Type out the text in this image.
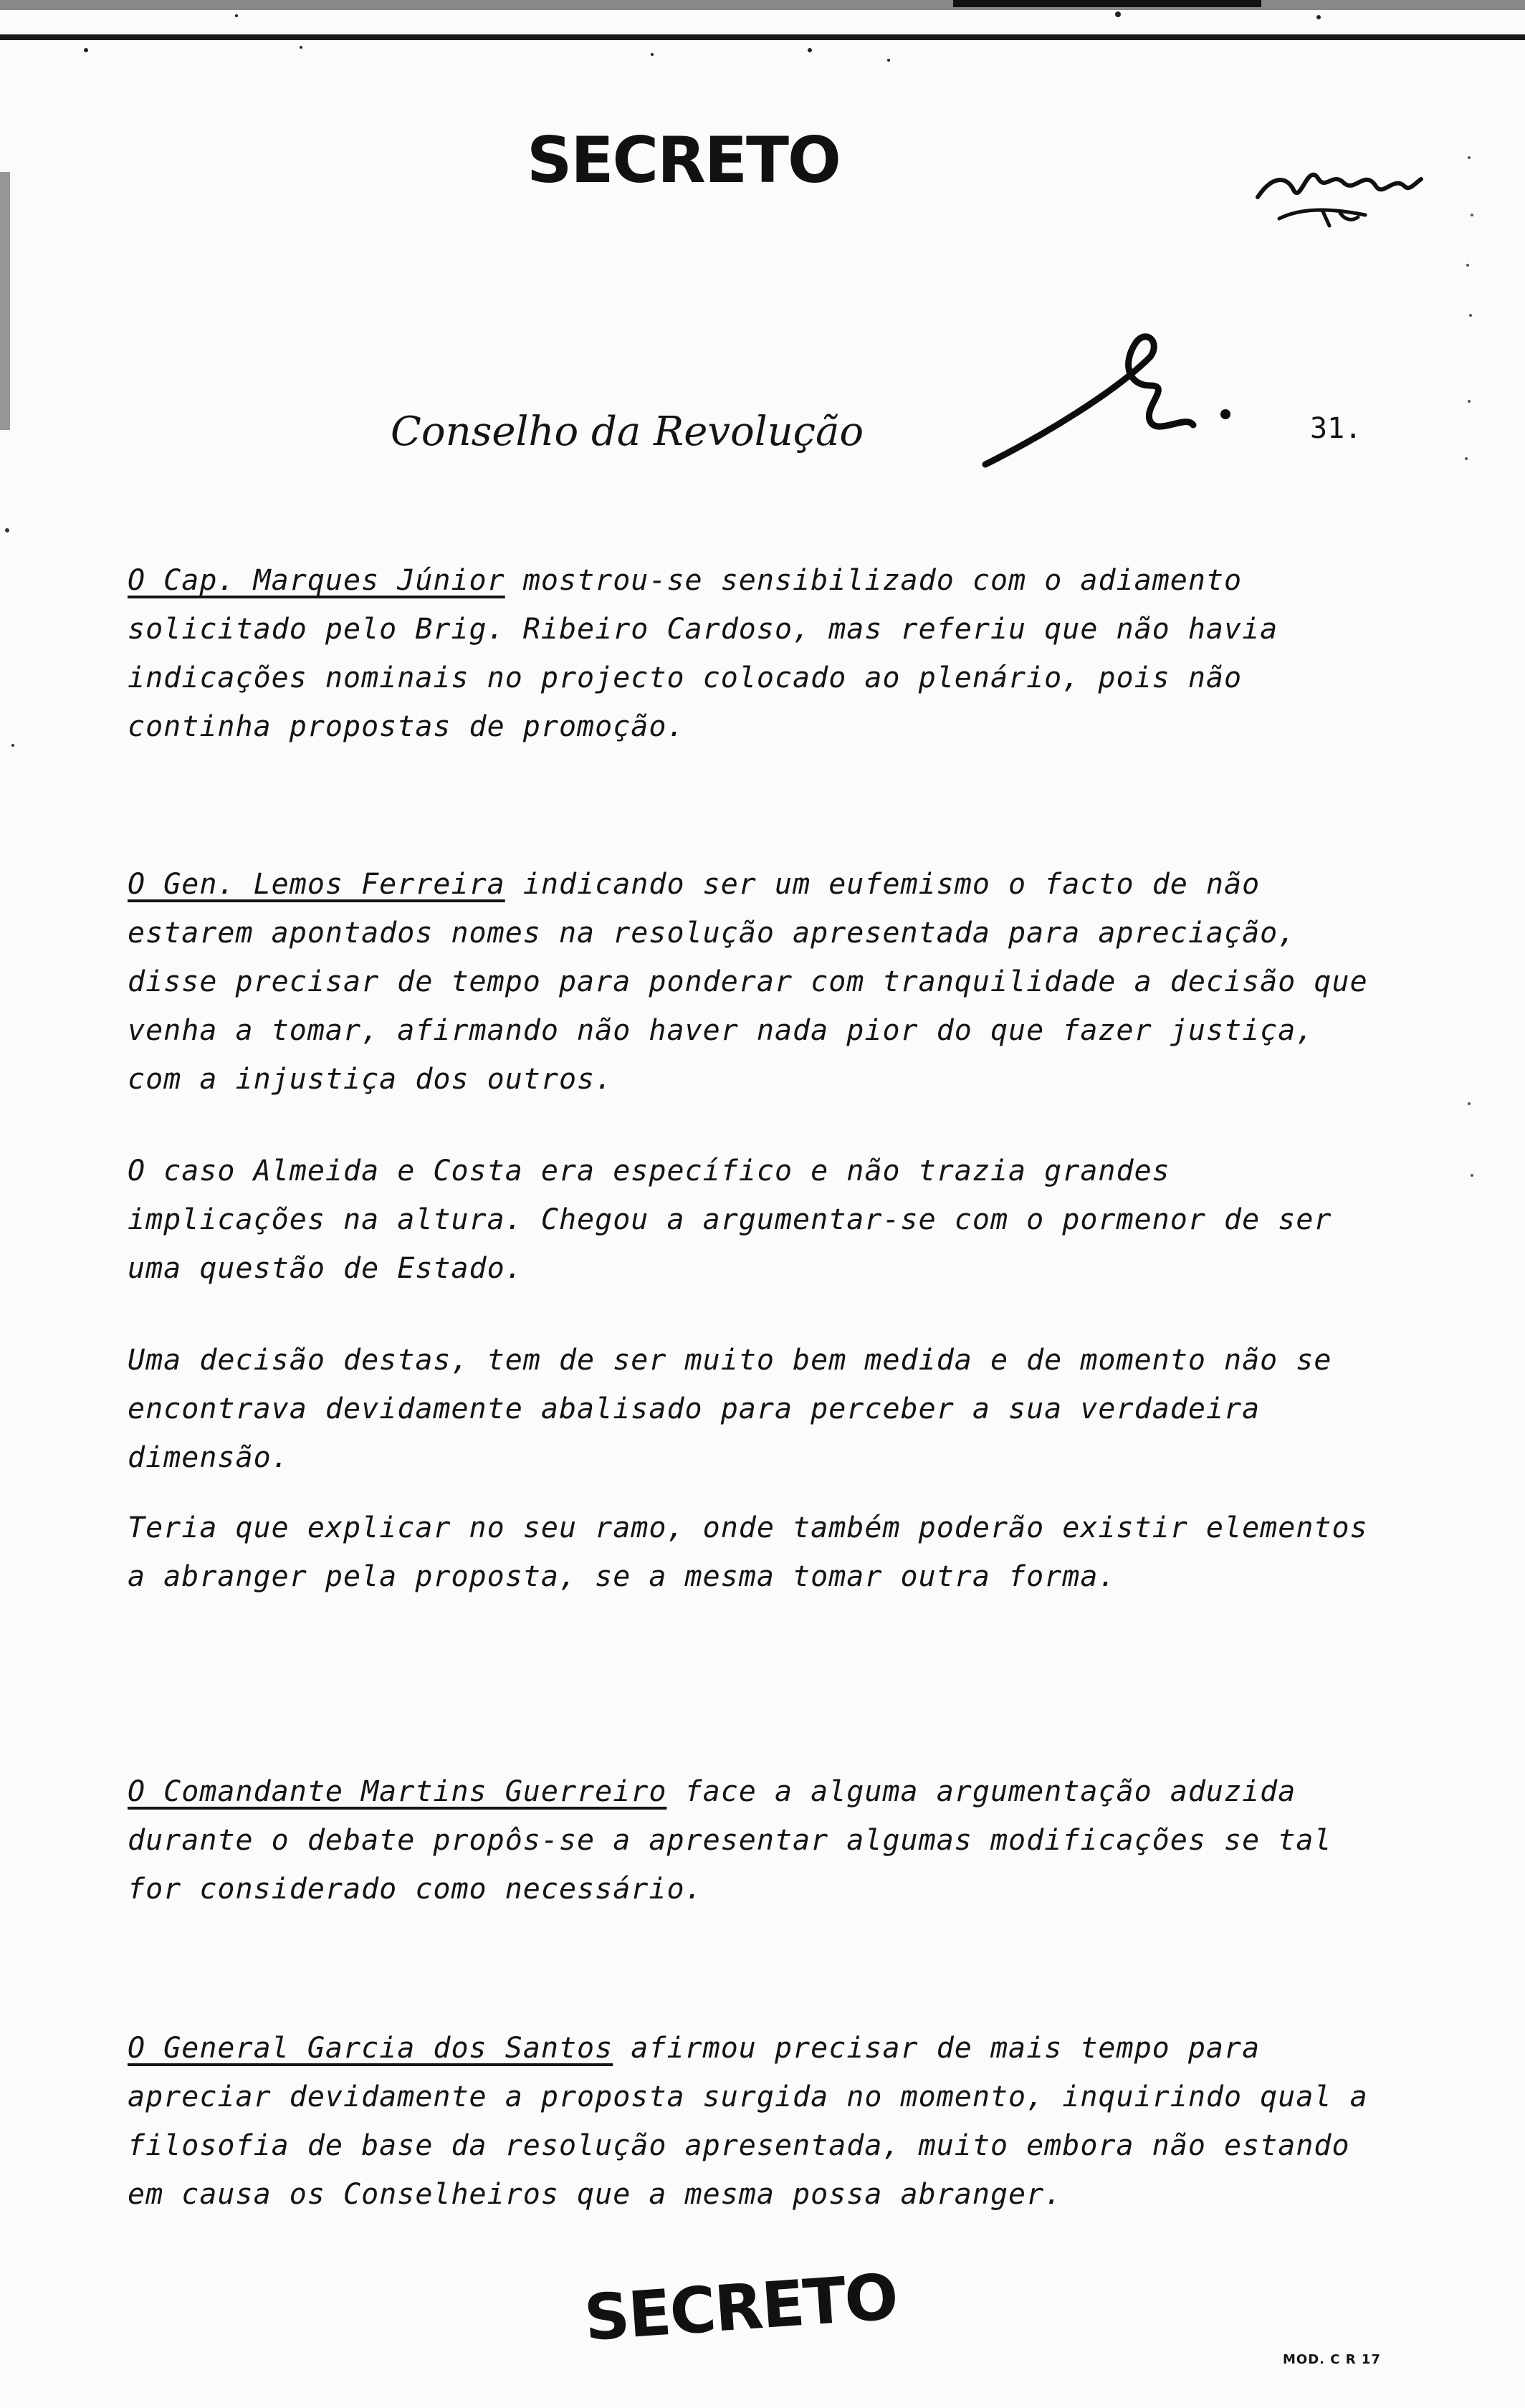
SECRETO
Conselho da Revolução	31.

O Cap. Marques Júnior mostrou-se sensibilizado com o adiamento solicitado pelo Brig. Ribeiro Cardoso, mas referiu que não havia indicações nominais no projecto colocado ao plenário, pois não continha propostas de promoção.

O Gen. Lemos Ferreira indicando ser um eufemismo o facto de não estarem apontados nomes na resolução apresentada para apreciação, disse precisar de tempo para ponderar com tranquilidade a decisão que venha a tomar, afirmando não haver nada pior do que fazer justiça, com a injustiça dos outros.

O caso Almeida e Costa era específico e não trazia grandes implicações na altura. Chegou a argumentar-se com o pormenor de ser uma questão de Estado.

Uma decisão destas, tem de ser muito bem medida e de momento não se encontrava devidamente abalisado para perceber a sua verdadeira dimensão.

Teria que explicar no seu ramo, onde também poderão existir elementos a abranger pela proposta, se a mesma tomar outra forma.

O Comandante Martins Guerreiro face a alguma argumentação aduzida durante o debate propôs-se a apresentar algumas modificações se tal for considerado como necessário.

O General Garcia dos Santos afirmou precisar de mais tempo para apreciar devidamente a proposta surgida no momento, inquirindo qual a filosofia de base da resolução apresentada, muito embora não estando em causa os Conselheiros que a mesma possa abranger.

SECRETO
MOD. C R 17
